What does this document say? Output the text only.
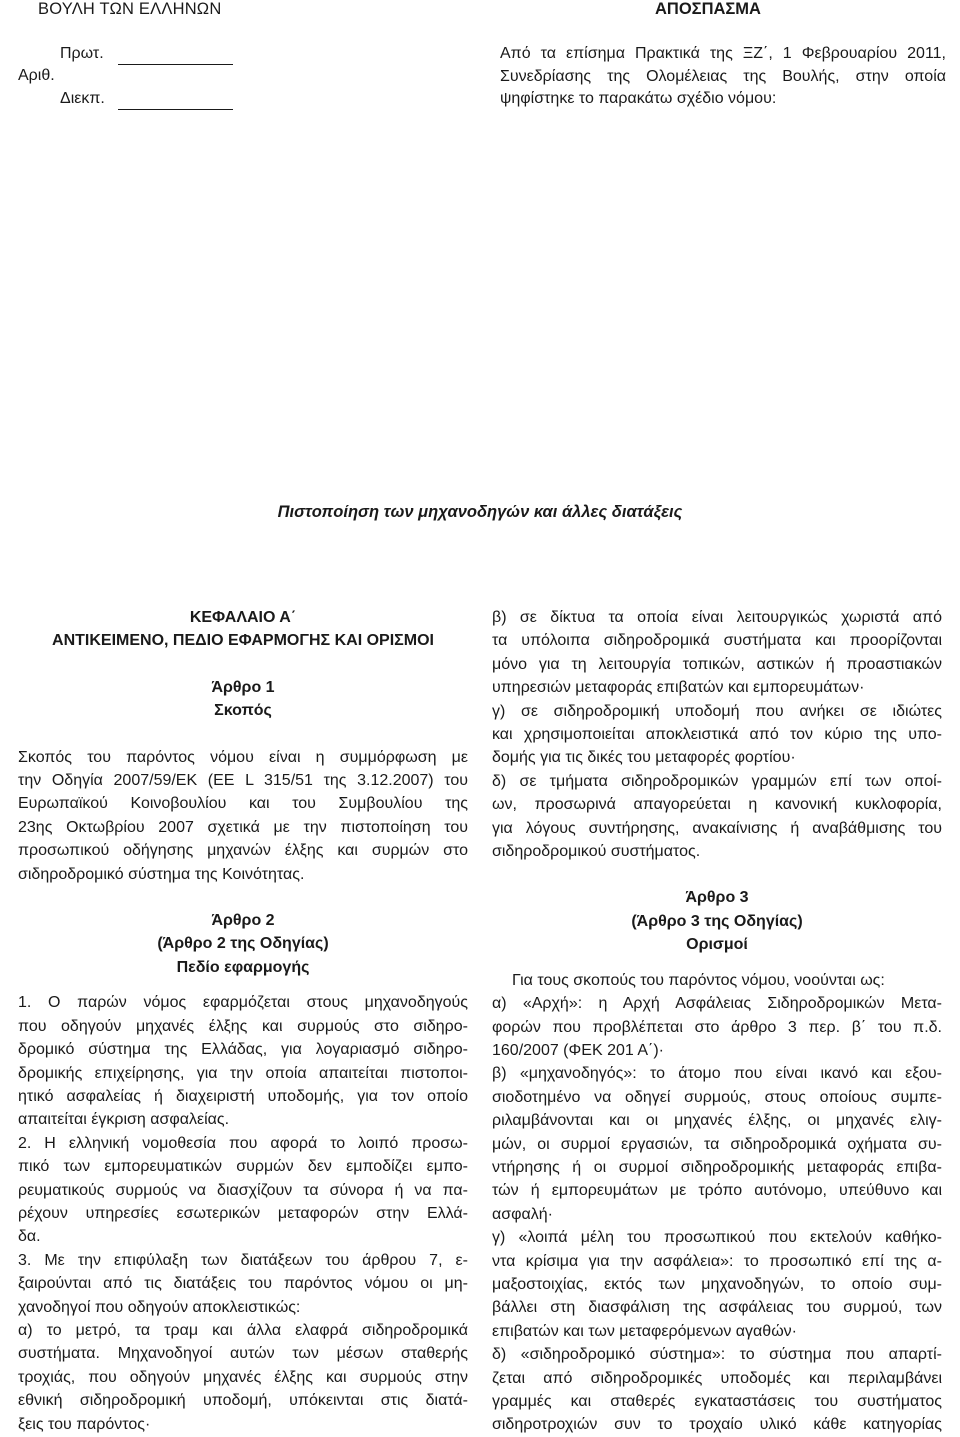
ΒΟΥΛΗ ΤΩΝ ΕΛΛΗΝΩΝ	ΑΠΟΣΠΑΣΜΑ
Πρωτ.
Αριθ.
Διεκπ.
Από τα επίσημα Πρακτικά της ΞΖ΄, 1 Φεβρουαρίου 2011,
Συνεδρίασης της Ολομέλειας της Βουλής, στην οποία
ψηφίστηκε το παρακάτω σχέδιο νόμου:
Πιστοποίηση των μηχανοδηγών και άλλες διατάξεις
ΚΕΦΑΛΑΙΟ Α΄
ΑΝΤΙΚΕΙΜΕΝΟ, ΠΕΔΙΟ ΕΦΑΡΜΟΓΗΣ ΚΑΙ ΟΡΙΣΜΟΙ
Άρθρο 1
Σκοπός
Σκοπός του παρόντος νόμου είναι η συμμόρφωση με
την Οδηγία 2007/59/ΕΚ (ΕΕ L 315/51 της 3.12.2007) του
Ευρωπαϊκού Κοινοβουλίου και του Συμβουλίου της
23ης Οκτωβρίου 2007 σχετικά με την πιστοποίηση του
προσωπικού οδήγησης μηχανών έλξης και συρμών στο
σιδηροδρομικό σύστημα της Κοινότητας.
Άρθρο 2
(Άρθρο 2 της Οδηγίας)
Πεδίο εφαρμογής
1. Ο παρών νόμος εφαρμόζεται στους μηχανοδηγούς
που οδηγούν μηχανές έλξης και συρμούς στο σιδηρο-
δρομικό σύστημα της Ελλάδας, για λογαριασμό σιδηρο-
δρομικής επιχείρησης, για την οποία απαιτείται πιστοποι-
ητικό ασφαλείας ή διαχειριστή υποδομής, για τον οποίο
απαιτείται έγκριση ασφαλείας.
2. Η ελληνική νομοθεσία που αφορά το λοιπό προσω-
πικό των εμπορευματικών συρμών δεν εμποδίζει εμπο-
ρευματικούς συρμούς να διασχίζουν τα σύνορα ή να πα-
ρέχουν υπηρεσίες εσωτερικών μεταφορών στην Ελλά-
δα.
3. Με την επιφύλαξη των διατάξεων του άρθρου 7, ε-
ξαιρούνται από τις διατάξεις του παρόντος νόμου οι μη-
χανοδηγοί που οδηγούν αποκλειστικώς:
α) το μετρό, τα τραμ και άλλα ελαφρά σιδηροδρομικά
συστήματα. Μηχανοδηγοί αυτών των μέσων σταθερής
τροχιάς, που οδηγούν μηχανές έλξης και συρμούς στην
εθνική σιδηροδρομική υποδομή, υπόκεινται στις διατά-
ξεις του παρόντος·
β) σε δίκτυα τα οποία είναι λειτουργικώς χωριστά από
τα υπόλοιπα σιδηροδρομικά συστήματα και προορίζονται
μόνο για τη λειτουργία τοπικών, αστικών ή προαστιακών
υπηρεσιών μεταφοράς επιβατών και εμπορευμάτων·
γ) σε σιδηροδρομική υποδομή που ανήκει σε ιδιώτες
και χρησιμοποιείται αποκλειστικά από τον κύριο της υπο-
δομής για τις δικές του μεταφορές φορτίου·
δ) σε τμήματα σιδηροδρομικών γραμμών επί των οποί-
ων, προσωρινά απαγορεύεται η κανονική κυκλοφορία,
για λόγους συντήρησης, ανακαίνισης ή αναβάθμισης του
σιδηροδρομικού συστήματος.
Άρθρο 3
(Άρθρο 3 της Οδηγίας)
Ορισμοί
Για τους σκοπούς του παρόντος νόμου, νοούνται ως:
α) «Αρχή»: η Αρχή Ασφάλειας Σιδηροδρομικών Μετα-
φορών που προβλέπεται στο άρθρο 3 περ. β΄ του π.δ.
160/2007 (ΦΕΚ 201 Α΄)·
β) «μηχανοδηγός»: το άτομο που είναι ικανό και εξου-
σιοδοτημένο να οδηγεί συρμούς, στους οποίους συμπε-
ριλαμβάνονται και οι μηχανές έλξης, οι μηχανές ελιγ-
μών, οι συρμοί εργασιών, τα σιδηροδρομικά οχήματα συ-
ντήρησης ή οι συρμοί σιδηροδρομικής μεταφοράς επιβα-
τών ή εμπορευμάτων με τρόπο αυτόνομο, υπεύθυνο και
ασφαλή·
γ) «λοιπά μέλη του προσωπικού που εκτελούν καθήκο-
ντα κρίσιμα για την ασφάλεια»: το προσωπικό επί της α-
μαξοστοιχίας, εκτός των μηχανοδηγών, το οποίο συμ-
βάλλει στη διασφάλιση της ασφάλειας του συρμού, των
επιβατών και των μεταφερόμενων αγαθών·
δ) «σιδηροδρομικό σύστημα»: το σύστημα που απαρτί-
ζεται από σιδηροδρομικές υποδομές και περιλαμβάνει
γραμμές και σταθερές εγκαταστάσεις του συστήματος
σιδηροτροχιών συν το τροχαίο υλικό κάθε κατηγορίας
